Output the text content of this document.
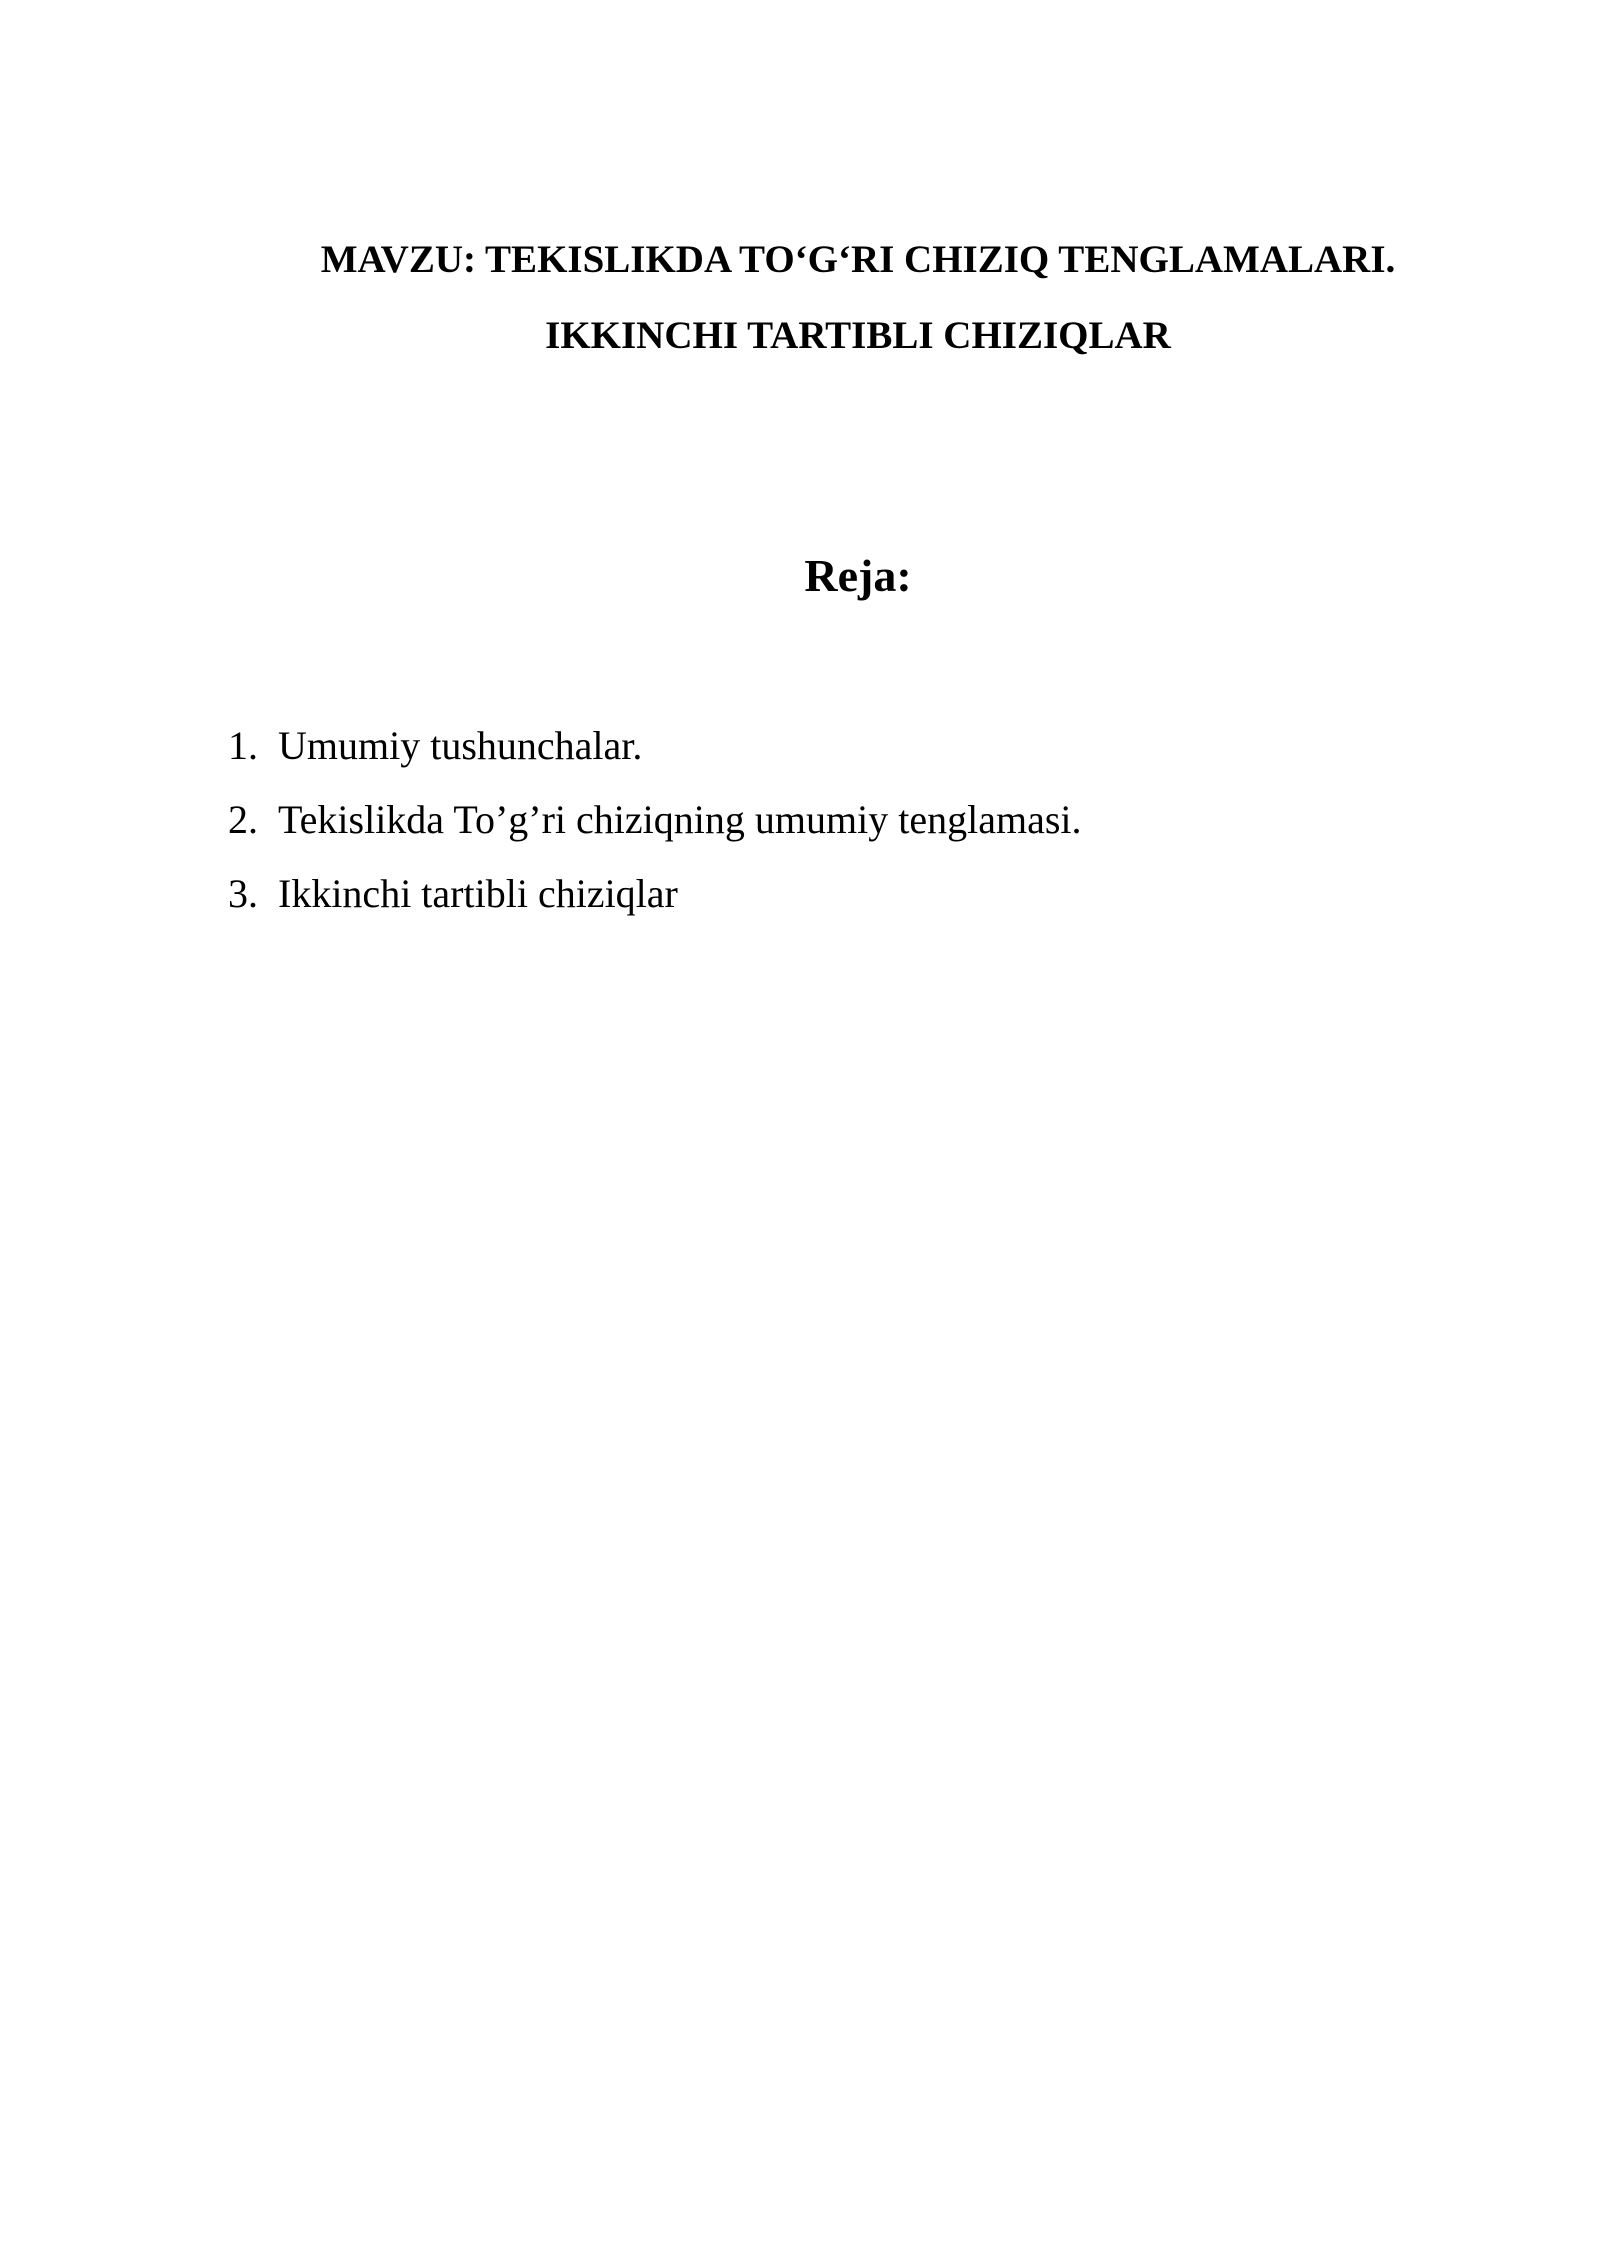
MAVZU: TEKISLIKDA TO‘G‘RI CHIZIQ TENGLAMALARI.
IKKINCHI TARTIBLI CHIZIQLAR
Reja:
1. Umumiy tushunchalar.
2. Tekislikda To’g’ri chiziqning umumiy tenglamasi.
3. Ikkinchi tartibli chiziqlar
